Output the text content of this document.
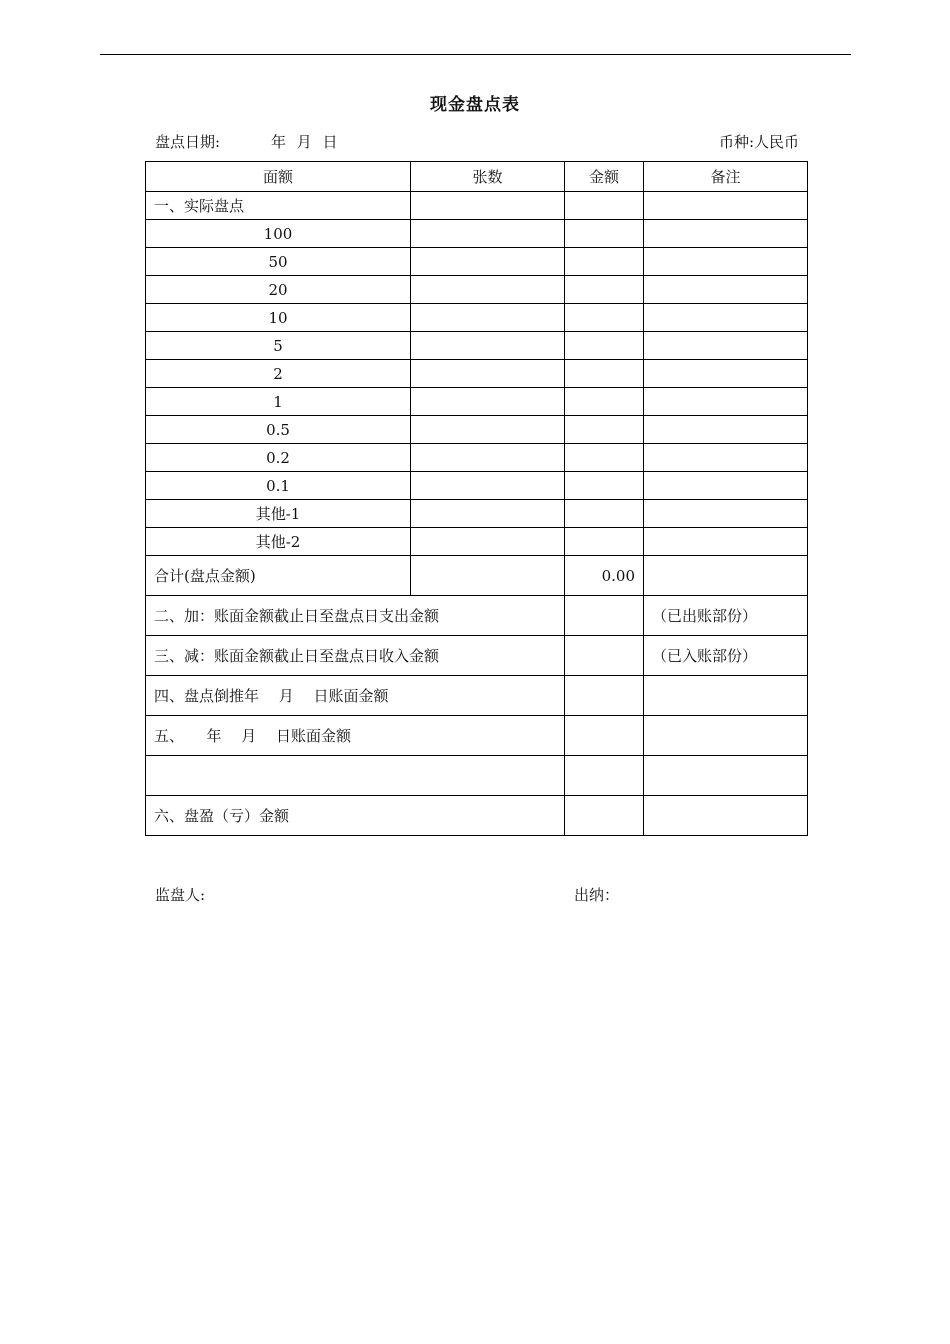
现金盘点表
盘点日期:	年 月 日	币种:人民币
面额	张数	金额	备注
一、实际盘点			
100			
50			
20			
10			
5			
2			
1			
0.5			
0.2			
0.1			
其他-1			
其他-2			
合计(盘点金额)		0.00	
二、加：账面金额截止日至盘点日支出金额			（已出账部份）
三、减：账面金额截止日至盘点日收入金额			（已入账部份）
四、盘点倒推年　 月　 日账面金额			
五、　　年　 月　 日账面金额			

六、盘盈（亏）金额			
监盘人:	出纳：
